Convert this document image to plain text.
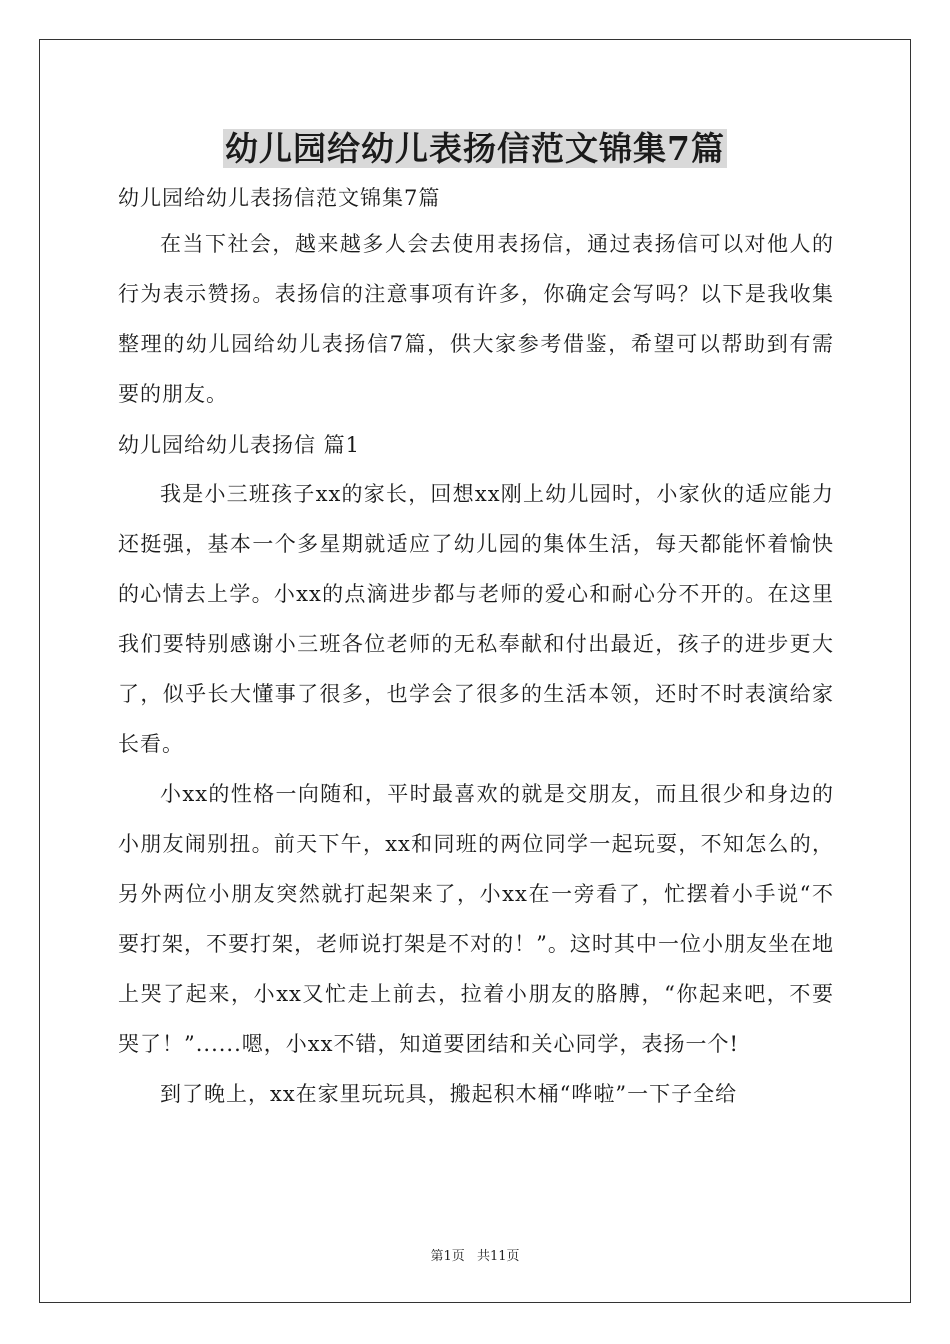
幼儿园给幼儿表扬信范文锦集7篇

幼儿园给幼儿表扬信范文锦集7篇

在当下社会，越来越多人会去使用表扬信，通过表扬信可以对他人的行为表示赞扬。表扬信的注意事项有许多，你确定会写吗？以下是我收集整理的幼儿园给幼儿表扬信7篇，供大家参考借鉴，希望可以帮助到有需要的朋友。

幼儿园给幼儿表扬信 篇1

我是小三班孩子xx的家长，回想xx刚上幼儿园时，小家伙的适应能力还挺强，基本一个多星期就适应了幼儿园的集体生活，每天都能怀着愉快的心情去上学。小xx的点滴进步都与老师的爱心和耐心分不开的。在这里我们要特别感谢小三班各位老师的无私奉献和付出最近，孩子的进步更大了，似乎长大懂事了很多，也学会了很多的生活本领，还时不时表演给家长看。

小xx的性格一向随和，平时最喜欢的就是交朋友，而且很少和身边的小朋友闹别扭。前天下午，xx和同班的两位同学一起玩耍，不知怎么的，另外两位小朋友突然就打起架来了，小xx在一旁看了，忙摆着小手说“不要打架，不要打架，老师说打架是不对的！”。这时其中一位小朋友坐在地上哭了起来，小xx又忙走上前去，拉着小朋友的胳膊，“你起来吧，不要哭了！”......嗯，小xx不错，知道要团结和关心同学，表扬一个!

到了晚上，xx在家里玩玩具，搬起积木桶“哗啦”一下子全给

第1页 共11页
